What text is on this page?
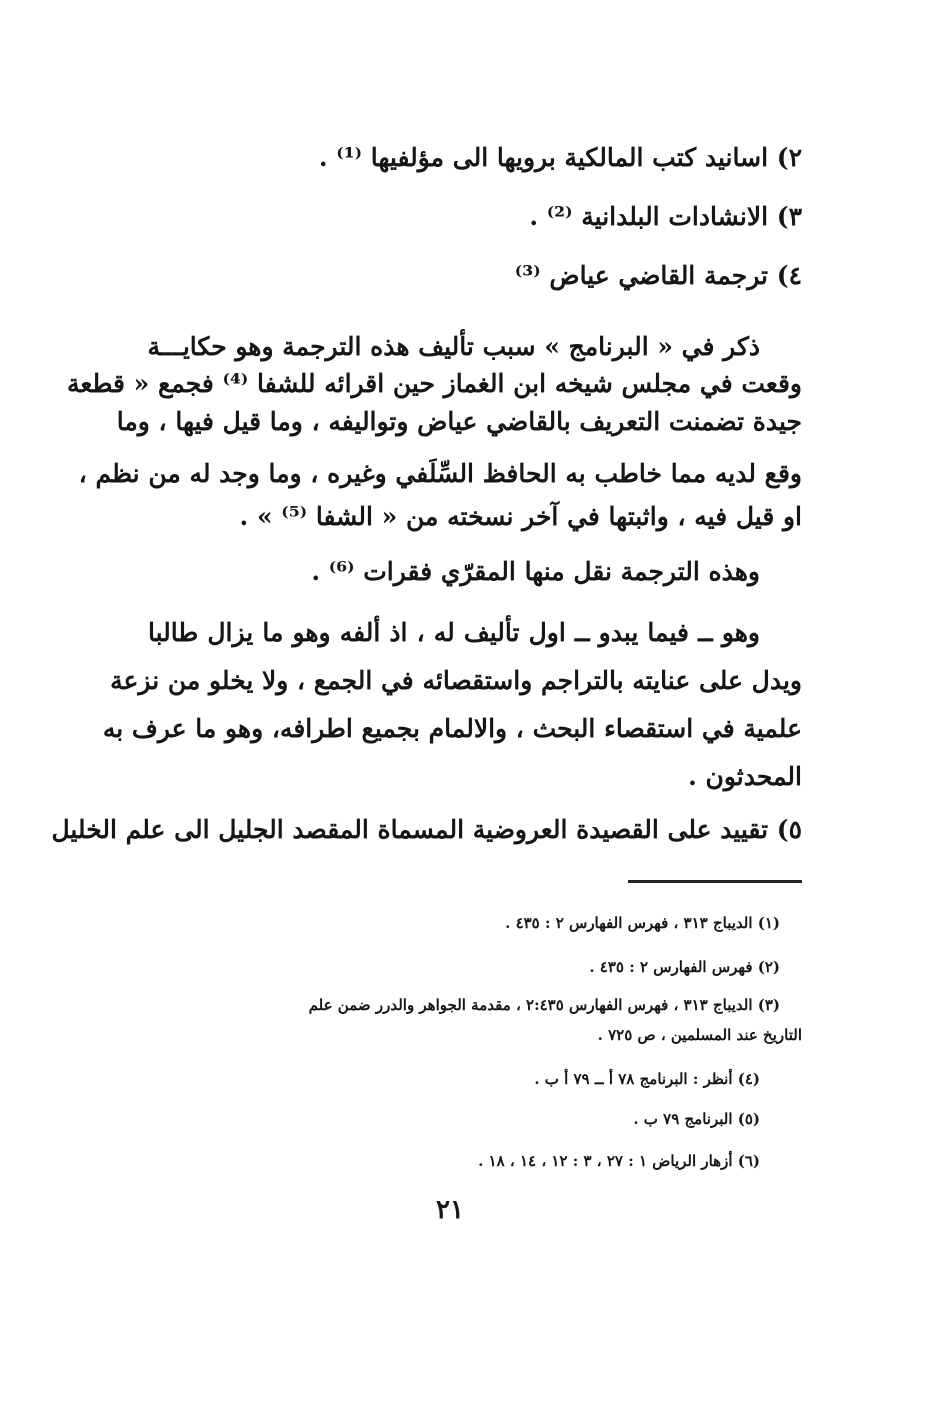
٢) اسانيد كتب المالكية برويها الى مؤلفيها ⁽¹⁾ .
٣) الانشادات البلدانية ⁽²⁾ .
٤) ترجمة القاضي عياض ⁽³⁾
ذكر في « البرنامج » سبب تأليف هذه الترجمة وهو حكايـــة
وقعت في مجلس شيخه ابن الغماز حين اقرائه للشفا ⁽⁴⁾ فجمع « قطعة
جيدة تضمنت التعريف بالقاضي عياض وتواليفه ، وما قيل فيها ، وما
وقع لديه مما خاطب به الحافظ السِّلَفي وغيره ، وما وجد له من نظم ،
او قيل فيه ، واثبتها في آخر نسخته من « الشفا ⁽⁵⁾ » .
وهذه الترجمة نقل منها المقرّي فقرات ⁽⁶⁾ .
وهو ــ فيما يبدو ــ اول تأليف له ، اذ ألفه وهو ما يزال طالبا
ويدل على عنايته بالتراجم واستقصائه في الجمع ، ولا يخلو من نزعة
علمية في استقصاء البحث ، والالمام بجميع اطرافه، وهو ما عرف به
المحدثون .
٥) تقييد على القصيدة العروضية المسماة المقصد الجليل الى علم الخليل
(١) الديباج ٣١٣ ، فهرس الفهارس ٢ : ٤٣٥ .
(٢) فهرس الفهارس ٢ : ٤٣٥ .
(٣) الديباج ٣١٣ ، فهرس الفهارس ٢:٤٣٥ ، مقدمة الجواهر والدرر ضمن علم
التاريخ عند المسلمين ، ص ٧٢٥ .
(٤) أنظر : البرنامج ٧٨ أ ــ ٧٩ أ ب .
(٥) البرنامج ٧٩ ب .
(٦) أزهار الرياض ١ : ٢٧ ، ٣ : ١٢ ، ١٤ ، ١٨ .
٢١
